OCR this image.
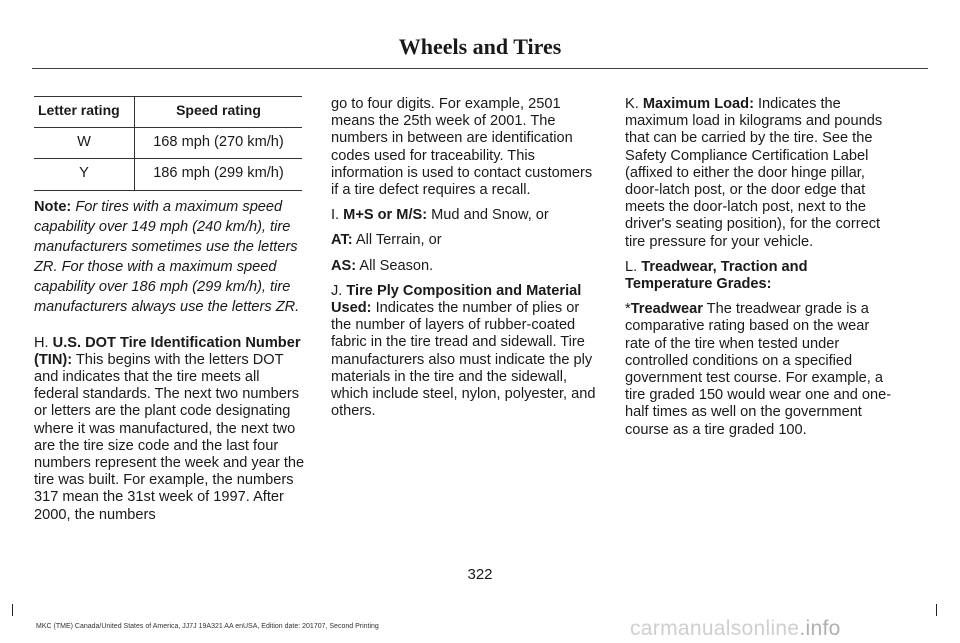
Wheels and Tires
Letter rating	Speed rating
W	168 mph (270 km/h)
Y	186 mph (299 km/h)

Note: For tires with a maximum speed capability over 149 mph (240 km/h), tire manufacturers sometimes use the letters ZR. For those with a maximum speed capability over 186 mph (299 km/h), tire manufacturers always use the letters ZR.

H. U.S. DOT Tire Identification Number (TIN): This begins with the letters DOT and indicates that the tire meets all federal standards. The next two numbers or letters are the plant code designating where it was manufactured, the next two are the tire size code and the last four numbers represent the week and year the tire was built. For example, the numbers 317 mean the 31st week of 1997. After 2000, the numbers

go to four digits. For example, 2501 means the 25th week of 2001. The numbers in between are identification codes used for traceability. This information is used to contact customers if a tire defect requires a recall.

I. M+S or M/S: Mud and Snow, or

AT: All Terrain, or

AS: All Season.

J. Tire Ply Composition and Material Used: Indicates the number of plies or the number of layers of rubber-coated fabric in the tire tread and sidewall. Tire manufacturers also must indicate the ply materials in the tire and the sidewall, which include steel, nylon, polyester, and others.

K. Maximum Load: Indicates the maximum load in kilograms and pounds that can be carried by the tire. See the Safety Compliance Certification Label (affixed to either the door hinge pillar, door-latch post, or the door edge that meets the door-latch post, next to the driver's seating position), for the correct tire pressure for your vehicle.

L. Treadwear, Traction and Temperature Grades:

*Treadwear The treadwear grade is a comparative rating based on the wear rate of the tire when tested under controlled conditions on a specified government test course. For example, a tire graded 150 would wear one and one-half times as well on the government course as a tire graded 100.

322
MKC (TME) Canada/United States of America, JJ7J 19A321 AA enUSA, Edition date: 201707, Second Printing	carmanualsonline.info
